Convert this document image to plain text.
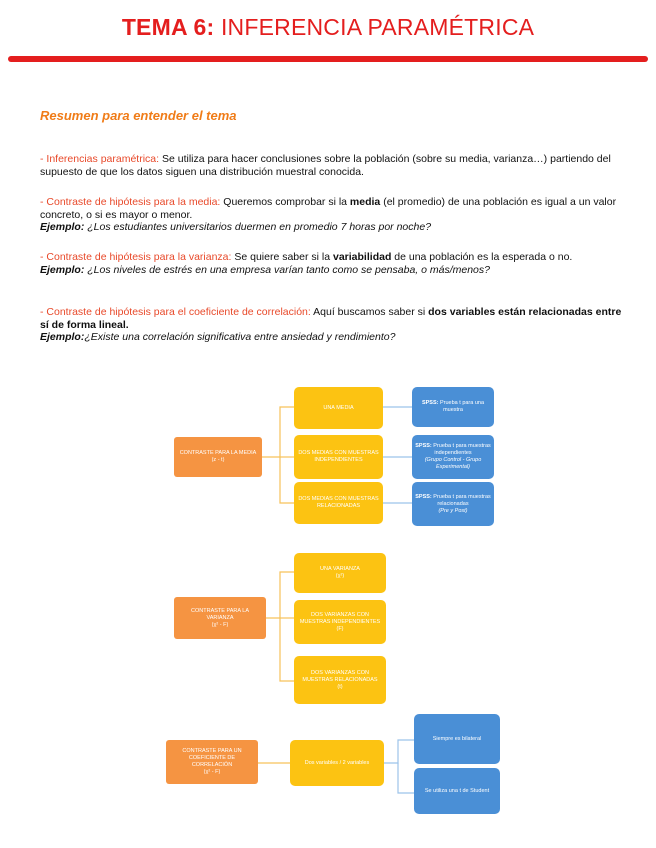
TEMA 6: INFERENCIA PARAMÉTRICA
Resumen para entender el tema
- Inferencias paramétrica: Se utiliza para hacer conclusiones sobre la población (sobre su media, varianza…) partiendo del supuesto de que los datos siguen una distribución muestral conocida.
- Contraste de hipótesis para la media: Queremos comprobar si la media (el promedio) de una población es igual a un valor concreto, o si es mayor o menor.
Ejemplo: ¿Los estudiantes universitarios duermen en promedio 7 horas por noche?
- Contraste de hipótesis para la varianza: Se quiere saber si la variabilidad de una población es la esperada o no.
Ejemplo: ¿Los niveles de estrés en una empresa varían tanto como se pensaba, o más/menos?
- Contraste de hipótesis para el coeficiente de correlación: Aquí buscamos saber si dos variables están relacionadas entre sí de forma lineal.
Ejemplo:¿Existe una correlación significativa entre ansiedad y rendimiento?
CONTRASTE PARA LA MEDIA
(z - t)
UNA MEDIA
DOS MEDIAS CON MUESTRAS INDEPENDIENTES
DOS MEDIAS CON MUESTRAS RELACIONADAS
SPSS: Prueba t para una muestra
SPSS: Prueba t para muestras independientes
(Grupo Control - Grupo Experimental)
SPSS: Prueba t para muestras relacionadas
(Pre y Post)
CONTRASTE PARA LA VARIANZA
(χ² - F)
UNA VARIANZA
(χ²)
DOS VARIANZAS CON MUESTRAS INDEPENDIENTES
(F)
DOS VARIANZAS CON MUESTRAS RELACIONADAS
(t)
CONTRASTE PARA UN COEFICIENTE DE CORRELACIÓN
(χ² - F)
Dos variables / 2 variables
Siempre es bilateral
Se utiliza una t de Student
